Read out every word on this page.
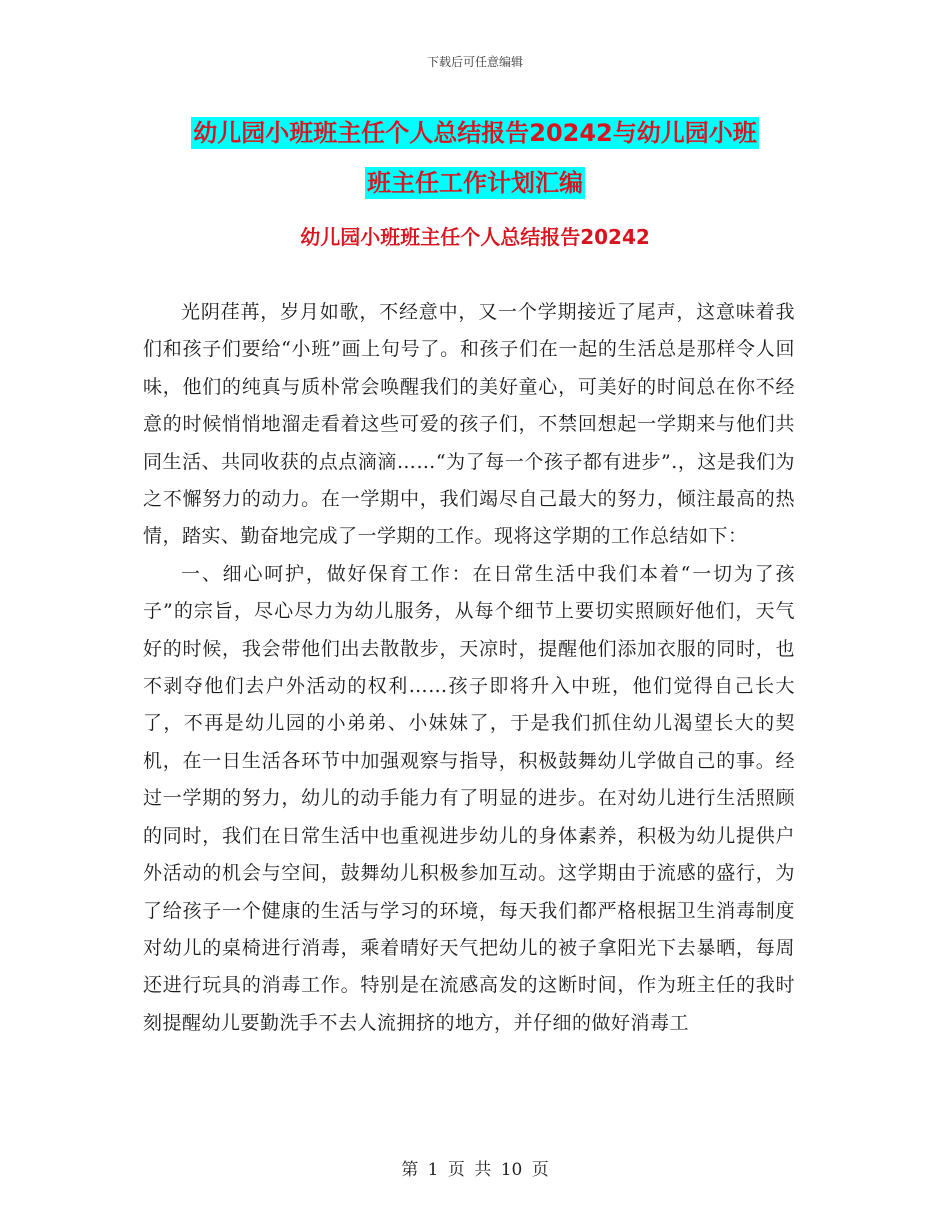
下载后可任意编辑
幼儿园小班班主任个人总结报告20242与幼儿园小班
班主任工作计划汇编
幼儿园小班班主任个人总结报告20242

光阴荏苒，岁月如歌，不经意中，又一个学期接近了尾声，这意味着我们和孩子们要给“小班”画上句号了。和孩子们在一起的生活总是那样令人回味，他们的纯真与质朴常会唤醒我们的美好童心，可美好的时间总在你不经意的时候悄悄地溜走看着这些可爱的孩子们，不禁回想起一学期来与他们共同生活、共同收获的点点滴滴……“为了每一个孩子都有进步”.，这是我们为之不懈努力的动力。在一学期中，我们竭尽自己最大的努力，倾注最高的热情，踏实、勤奋地完成了一学期的工作。现将这学期的工作总结如下：

一、细心呵护，做好保育工作：在日常生活中我们本着“一切为了孩子”的宗旨，尽心尽力为幼儿服务，从每个细节上要切实照顾好他们，天气好的时候，我会带他们出去散散步，天凉时，提醒他们添加衣服的同时，也不剥夺他们去户外活动的权利……孩子即将升入中班，他们觉得自己长大了，不再是幼儿园的小弟弟、小妹妹了，于是我们抓住幼儿渴望长大的契机，在一日生活各环节中加强观察与指导，积极鼓舞幼儿学做自己的事。经过一学期的努力，幼儿的动手能力有了明显的进步。在对幼儿进行生活照顾的同时，我们在日常生活中也重视进步幼儿的身体素养，积极为幼儿提供户外活动的机会与空间，鼓舞幼儿积极参加互动。这学期由于流感的盛行，为了给孩子一个健康的生活与学习的环境，每天我们都严格根据卫生消毒制度对幼儿的桌椅进行消毒，乘着晴好天气把幼儿的被子拿阳光下去暴晒，每周还进行玩具的消毒工作。特别是在流感高发的这断时间，作为班主任的我时刻提醒幼儿要勤洗手不去人流拥挤的地方，并仔细的做好消毒工

第 1 页 共 10 页
